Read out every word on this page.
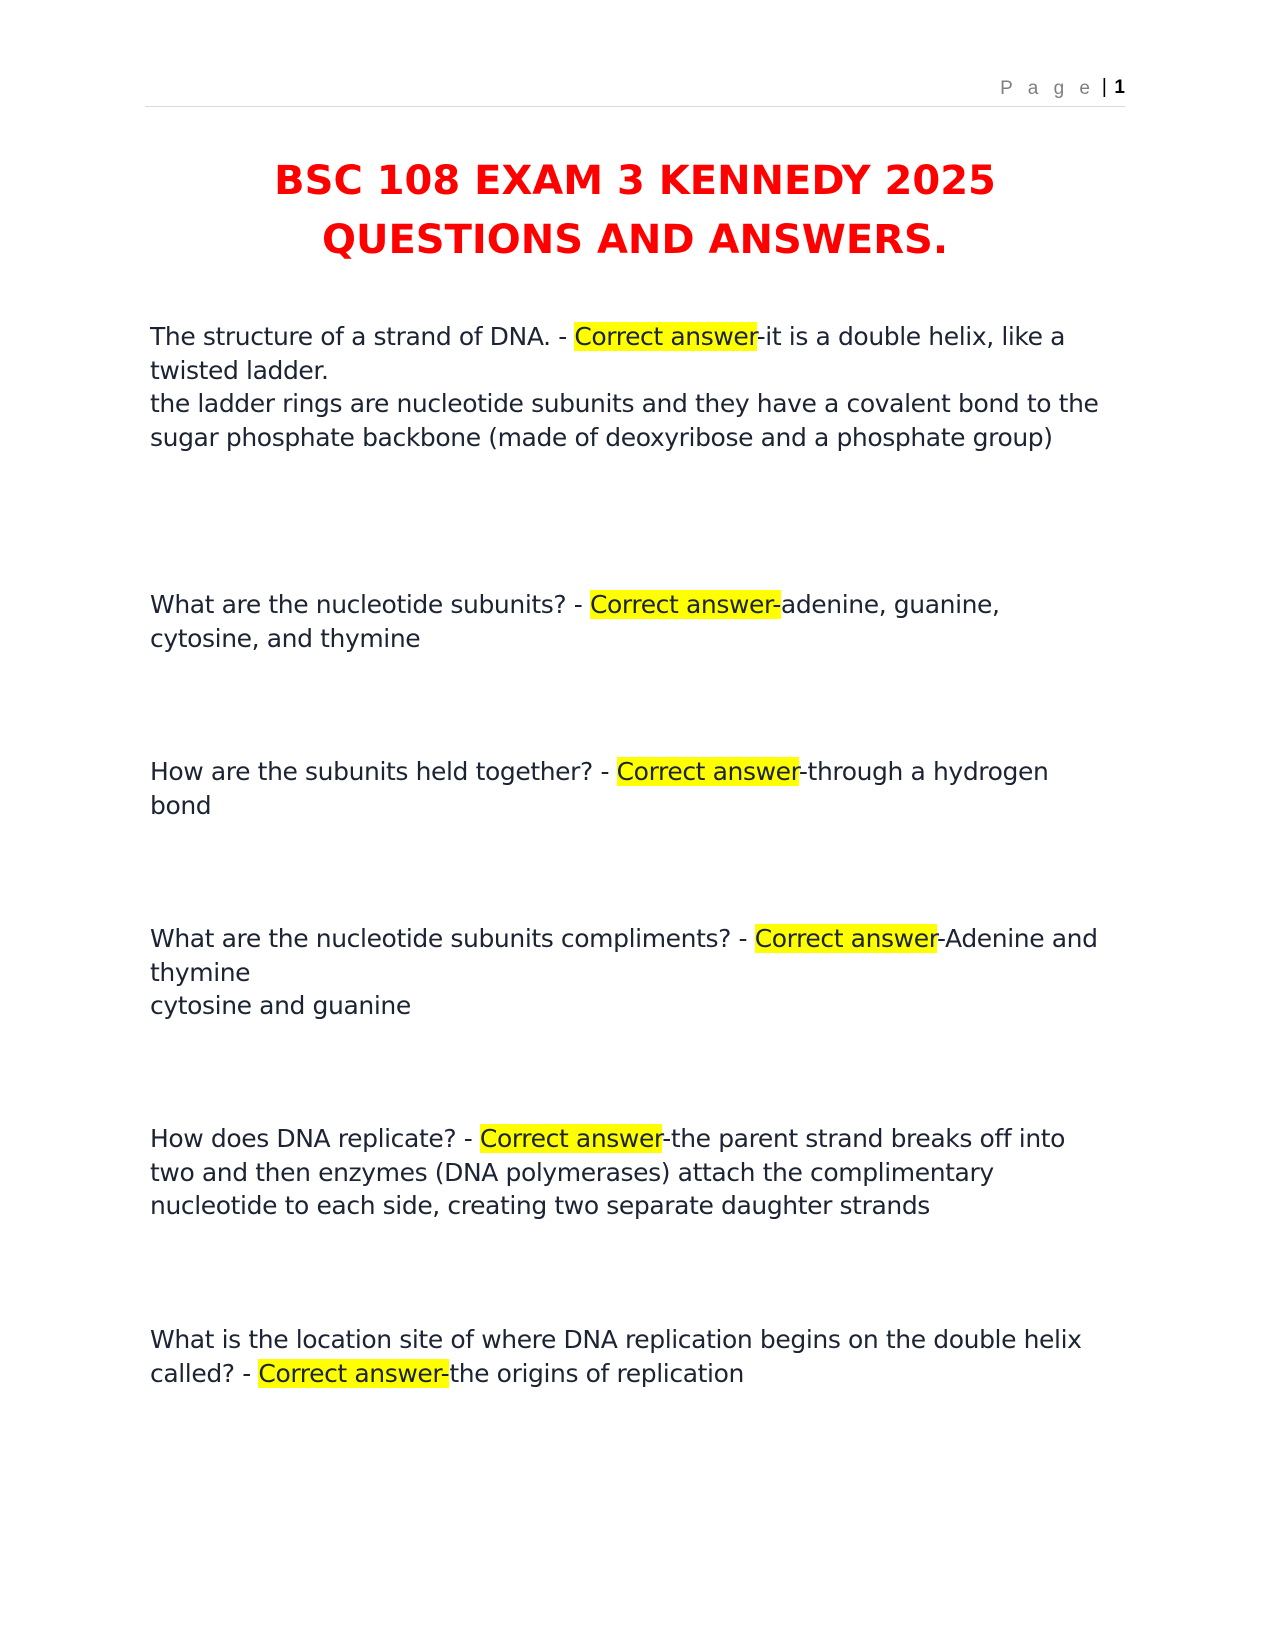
P a g e | 1
BSC 108 EXAM 3 KENNEDY 2025
QUESTIONS AND ANSWERS.

The structure of a strand of DNA. - Correct answer-it is a double helix, like a twisted ladder.

the ladder rings are nucleotide subunits and they have a covalent bond to the sugar phosphate backbone (made of deoxyribose and a phosphate group)

What are the nucleotide subunits? - Correct answer-adenine, guanine, cytosine, and thymine

How are the subunits held together? - Correct answer-through a hydrogen bond

What are the nucleotide subunits compliments? - Correct answer-Adenine and thymine

cytosine and guanine

How does DNA replicate? - Correct answer-the parent strand breaks off into two and then enzymes (DNA polymerases) attach the complimentary nucleotide to each side, creating two separate daughter strands

What is the location site of where DNA replication begins on the double helix called? - Correct answer-the origins of replication
